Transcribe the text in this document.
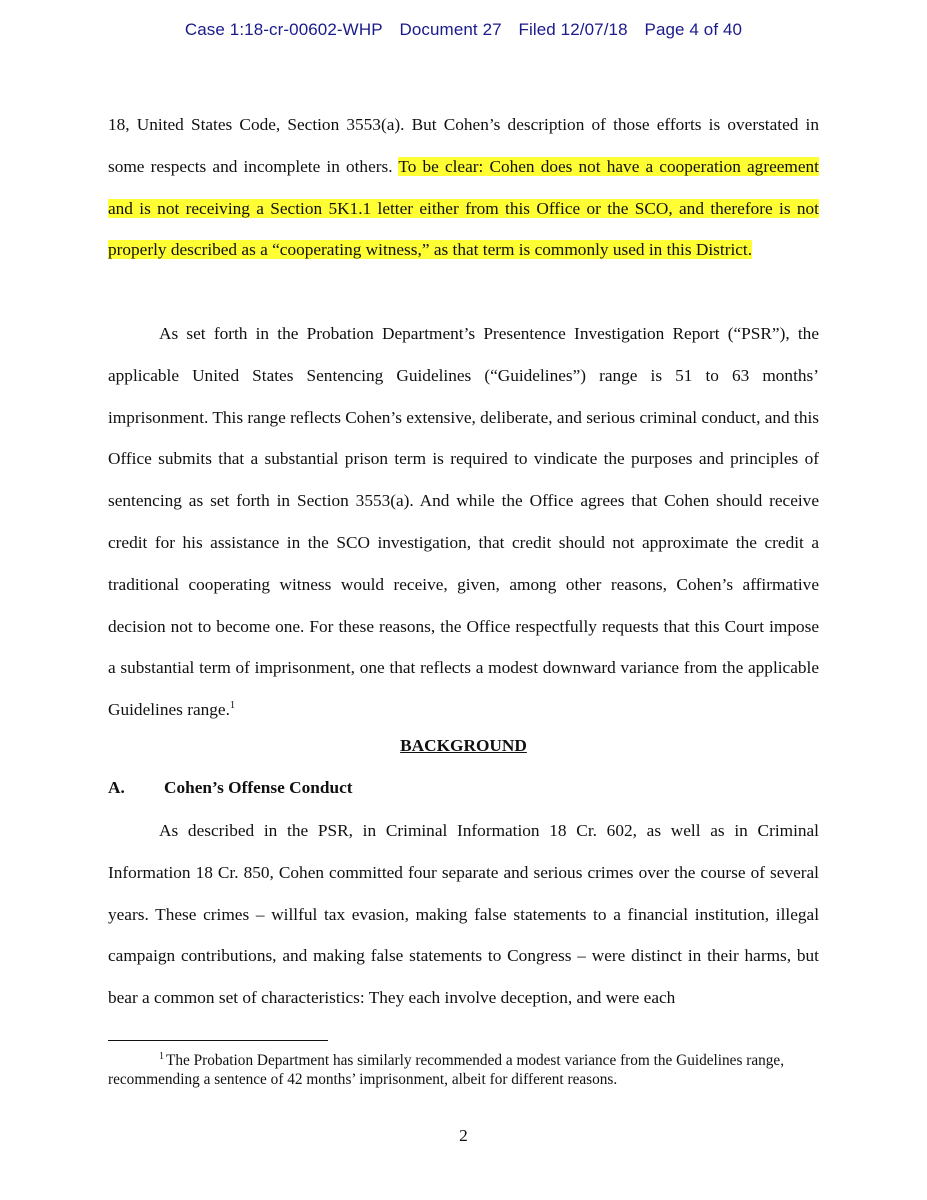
Case 1:18-cr-00602-WHP Document 27 Filed 12/07/18 Page 4 of 40
18, United States Code, Section 3553(a). But Cohen’s description of those efforts is overstated in some respects and incomplete in others. To be clear: Cohen does not have a cooperation agreement and is not receiving a Section 5K1.1 letter either from this Office or the SCO, and therefore is not properly described as a “cooperating witness,” as that term is commonly used in this District.
As set forth in the Probation Department’s Presentence Investigation Report (“PSR”), the applicable United States Sentencing Guidelines (“Guidelines”) range is 51 to 63 months’ imprisonment. This range reflects Cohen’s extensive, deliberate, and serious criminal conduct, and this Office submits that a substantial prison term is required to vindicate the purposes and principles of sentencing as set forth in Section 3553(a). And while the Office agrees that Cohen should receive credit for his assistance in the SCO investigation, that credit should not approximate the credit a traditional cooperating witness would receive, given, among other reasons, Cohen’s affirmative decision not to become one. For these reasons, the Office respectfully requests that this Court impose a substantial term of imprisonment, one that reflects a modest downward variance from the applicable Guidelines range.$^1$
BACKGROUND
A. Cohen’s Offense Conduct
As described in the PSR, in Criminal Information 18 Cr. 602, as well as in Criminal Information 18 Cr. 850, Cohen committed four separate and serious crimes over the course of several years. These crimes – willful tax evasion, making false statements to a financial institution, illegal campaign contributions, and making false statements to Congress – were distinct in their harms, but bear a common set of characteristics: They each involve deception, and were each
$^1$ The Probation Department has similarly recommended a modest variance from the Guidelines range, recommending a sentence of 42 months’ imprisonment, albeit for different reasons.
2
